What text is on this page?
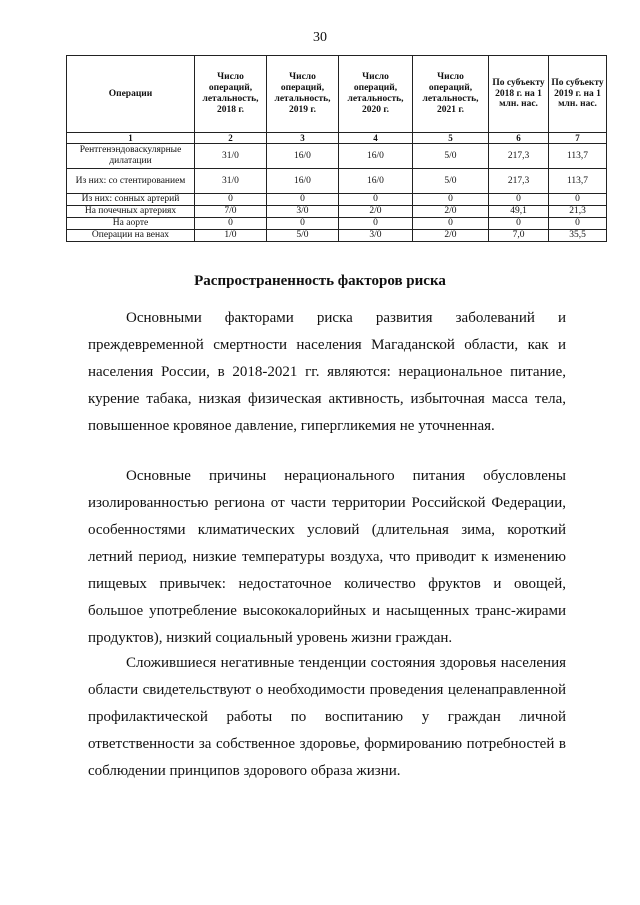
30
Операции	Число операций, летальность, 2018 г.	Число операций, летальность, 2019 г.	Число операций, летальность, 2020 г.	Число операций, летальность, 2021 г.	По субъекту 2018 г. на 1 млн. нас.	По субъекту 2019 г. на 1 млн. нас.
1	2	3	4	5	6	7
Рентгенэндоваскулярные дилатации	31/0	16/0	16/0	5/0	217,3	113,7
Из них: со стентированием	31/0	16/0	16/0	5/0	217,3	113,7
Из них: сонных артерий	0	0	0	0	0	0
На почечных артериях	7/0	3/0	2/0	2/0	49,1	21,3
На аорте	0	0	0	0	0	0
Операции на венах	1/0	5/0	3/0	2/0	7,0	35,5
Распространенность факторов риска

Основными факторами риска развития заболеваний и преждевременной смертности населения Магаданской области, как и населения России, в 2018-2021 гг. являются: нерациональное питание, курение табака, низкая физическая активность, избыточная масса тела, повышенное кровяное давление, гипергликемия не уточненная.

Основные причины нерационального питания обусловлены изолированностью региона от части территории Российской Федерации, особенностями климатических условий (длительная зима, короткий летний период, низкие температуры воздуха, что приводит к изменению пищевых привычек: недостаточное количество фруктов и овощей, большое употребление высококалорийных и насыщенных транс-жирами продуктов), низкий социальный уровень жизни граждан.

Сложившиеся негативные тенденции состояния здоровья населения области свидетельствуют о необходимости проведения целенаправленной профилактической работы по воспитанию у граждан личной ответственности за собственное здоровье, формированию потребностей в соблюдении принципов здорового образа жизни.
